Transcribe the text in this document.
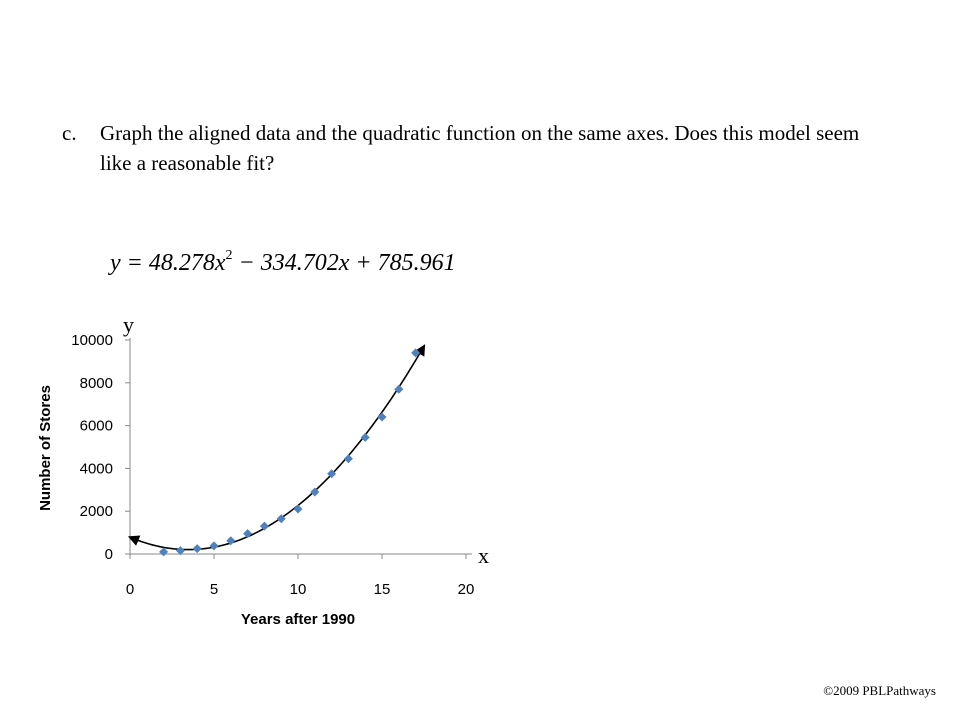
c. Graph the aligned data and the quadratic function on the same axes. Does this model seem like a reasonable fit?
$y = 48.278x^2 - 334.702x + 785.961$
0	5	10	15	20
0
2000
4000
6000
8000
10000
y
x
Years after 1990
Number of Stores
©2009 PBLPathways
